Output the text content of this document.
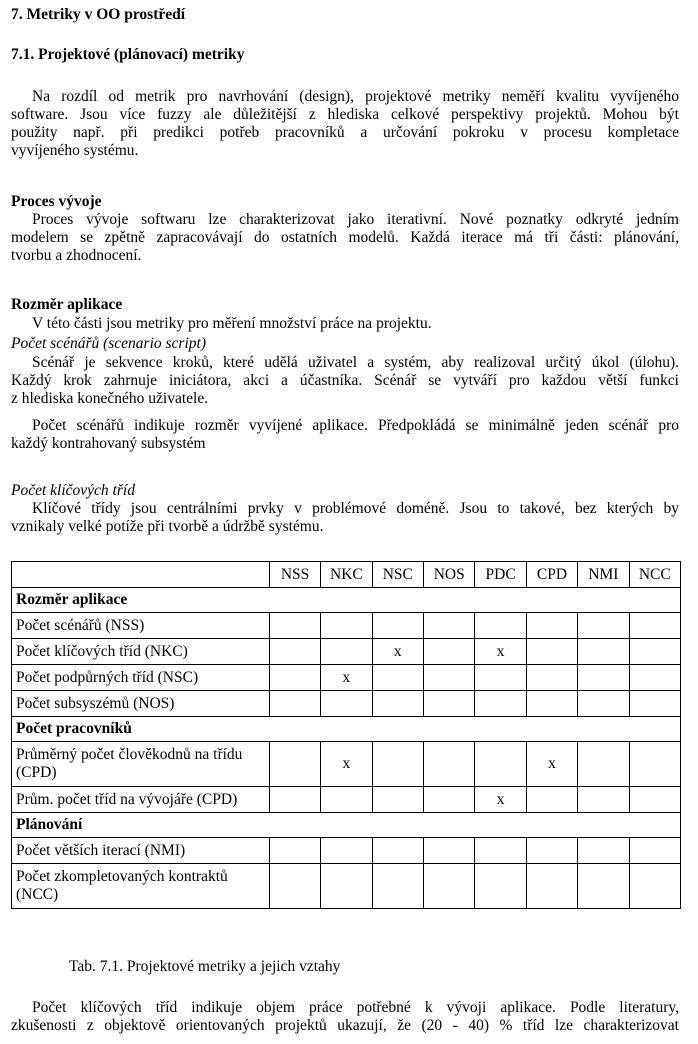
7. Metriky v OO prostředí
7.1. Projektové (plánovací) metriky
Na rozdíl od metrik pro navrhování (design), projektové metriky neměří kvalitu vyvíjeného
software. Jsou více fuzzy ale důležitější z hlediska celkové perspektivy projektů. Mohou být
použity např. při predikci potřeb pracovníků a určování pokroku v procesu kompletace
vyvíjeného systému.
Proces vývoje
Proces vývoje softwaru lze charakterizovat jako iterativní. Nové poznatky odkryté jedním
modelem se zpětně zapracovávají do ostatních modelů. Každá iterace má tři části: plánování,
tvorbu a zhodnocení.
Rozměr aplikace
V této části jsou metriky pro měření množství práce na projektu.
Počet scénářů (scenario script)
Scénář je sekvence kroků, které udělá uživatel a systém, aby realizoval určitý úkol (úlohu).
Každý krok zahrnuje iniciátora, akci a účastníka. Scénář se vytváří pro každou větší funkci
z hlediska konečného uživatele.
Počet scénářů indikuje rozměr vyvíjené aplikace. Předpokládá se minimálně jeden scénář pro
každý kontrahovaný subsystém
Počet klíčových tříd
Klíčové třídy jsou centrálními prvky v problémové doméně. Jsou to takové, bez kterých by
vznikaly velké potíže při tvorbě a údržbě systému.
	NSS	NKC	NSC	NOS	PDC	CPD	NMI	NCC
Rozměr aplikace								
Počet scénářů (NSS)								
Počet klíčových tříd (NKC)			x		x			
Počet podpůrných tříd (NSC)		x						
Počet subsyszémů (NOS)								
Počet pracovníků								
Průměrný počet člověkodnů na třídu (CPD)		x				x		
Prům. počet tříd na vývojáře (CPD)					x			
Plánování								
Počet větších iterací (NMI)								
Počet zkompletovaných kontraktů (NCC)								
Tab. 7.1. Projektové metriky a jejich vztahy
Počet klíčových tříd indikuje objem práce potřebné k vývoji aplikace. Podle literatury,
zkušenosti z objektově orientovaných projektů ukazují, že (20 - 40) % tříd lze charakterizovat
